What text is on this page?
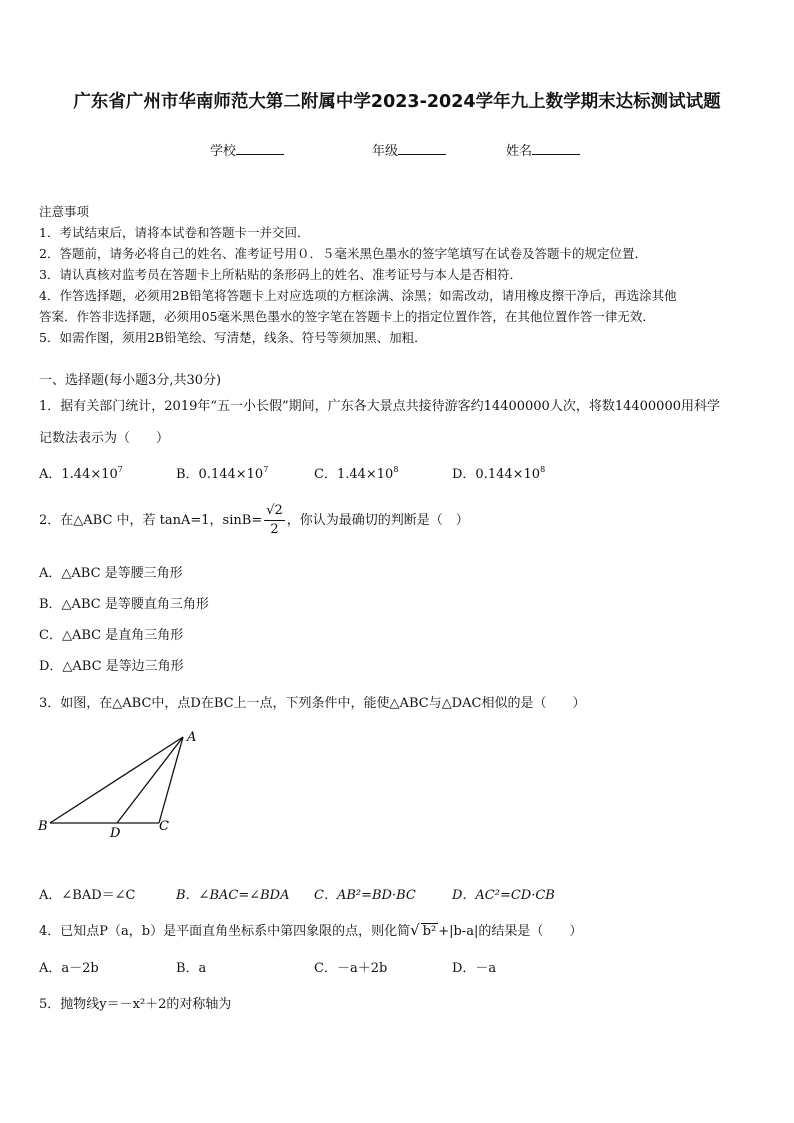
广东省广州市华南师范大第二附属中学2023-2024学年九上数学期末达标测试试题
学校	年级	姓名
注意事项
1．考试结束后，请将本试卷和答题卡一并交回．
2．答题前，请务必将自己的姓名、准考证号用０．５毫米黑色墨水的签字笔填写在试卷及答题卡的规定位置．
3．请认真核对监考员在答题卡上所粘贴的条形码上的姓名、准考证号与本人是否相符．
4．作答选择题，必须用2B铅笔将答题卡上对应选项的方框涂满、涂黑；如需改动，请用橡皮擦干净后，再选涂其他
答案．作答非选择题，必须用05毫米黑色墨水的签字笔在答题卡上的指定位置作答，在其他位置作答一律无效．
5．如需作图，须用2B铅笔绘、写清楚，线条、符号等须加黑、加粗．
一、选择题(每小题3分,共30分)
1．据有关部门统计，2019年“五一小长假”期间，广东各大景点共接待游客约14400000人次，将数14400000用科学
记数法表示为（　　）
A．$1.44\times 10^7$	B．$0.144\times 10^7$	C．$1.44\times 10^8$	D．$0.144\times 10^8$
2．在△ABC 中，若 tanA=1，$\sin B= \frac{√2}{2}$ ，你认为最确切的判断是（　）
A．△ABC 是等腰三角形
B．△ABC 是等腰直角三角形
C．△ABC 是直角三角形
D．△ABC 是等边三角形
3．如图，在△ABC中，点D在BC上一点，下列条件中，能使△ABC与△DAC相似的是（　　）
A
B	D	C
A．∠BAD＝∠C	B．∠BAC=∠BDA C．AB²=BD·BC	D．AC²=CD·CB
4．已知点P（a，b）是平面直角坐标系中第四象限的点，则化简√ b² +|b-a|的结果是（　　）
A．a－2b	B．a	C．－a＋2b	D．－a
5．抛物线y＝－x²＋2的对称轴为
